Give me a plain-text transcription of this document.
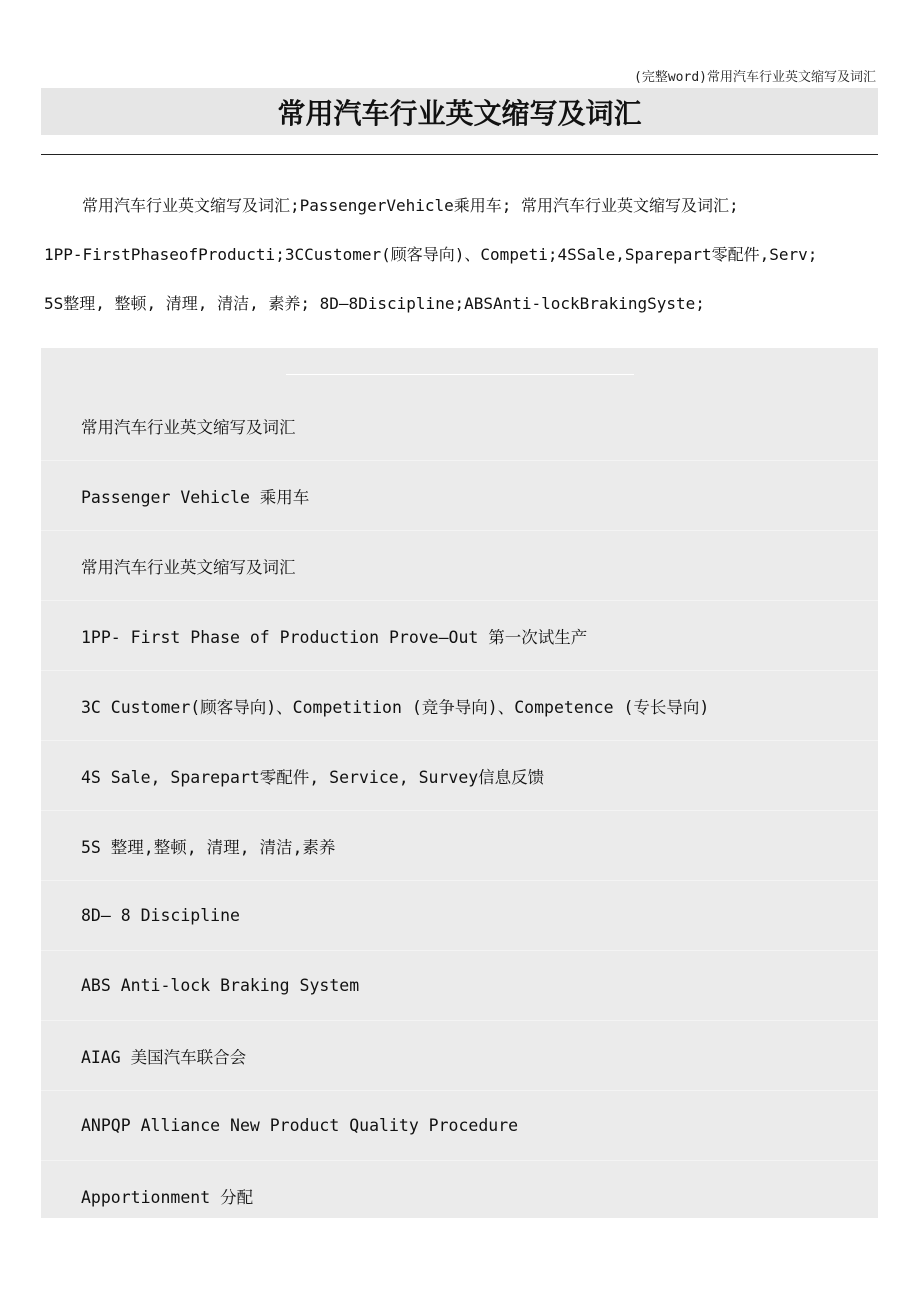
(完整word)常用汽车行业英文缩写及词汇
常用汽车行业英文缩写及词汇
常用汽车行业英文缩写及词汇;PassengerVehicle乘用车; 常用汽车行业英文缩写及词汇;
1PP-FirstPhaseofProducti;3CCustomer(顾客导向)、Competi;4SSale,Sparepart零配件,Serv;
5S整理, 整顿, 清理, 清洁, 素养; 8D—8Discipline;ABSAnti-lockBrakingSyste;
常用汽车行业英文缩写及词汇
Passenger Vehicle 乘用车
常用汽车行业英文缩写及词汇
1PP- First Phase of Production Prove—Out 第一次试生产
3C Customer(顾客导向)、Competition (竞争导向)、Competence (专长导向)
4S Sale, Sparepart零配件, Service, Survey信息反馈
5S 整理,整顿, 清理, 清洁,素养
8D— 8 Discipline
ABS Anti-lock Braking System
AIAG 美国汽车联合会
ANPQP Alliance New Product Quality Procedure
Apportionment 分配
